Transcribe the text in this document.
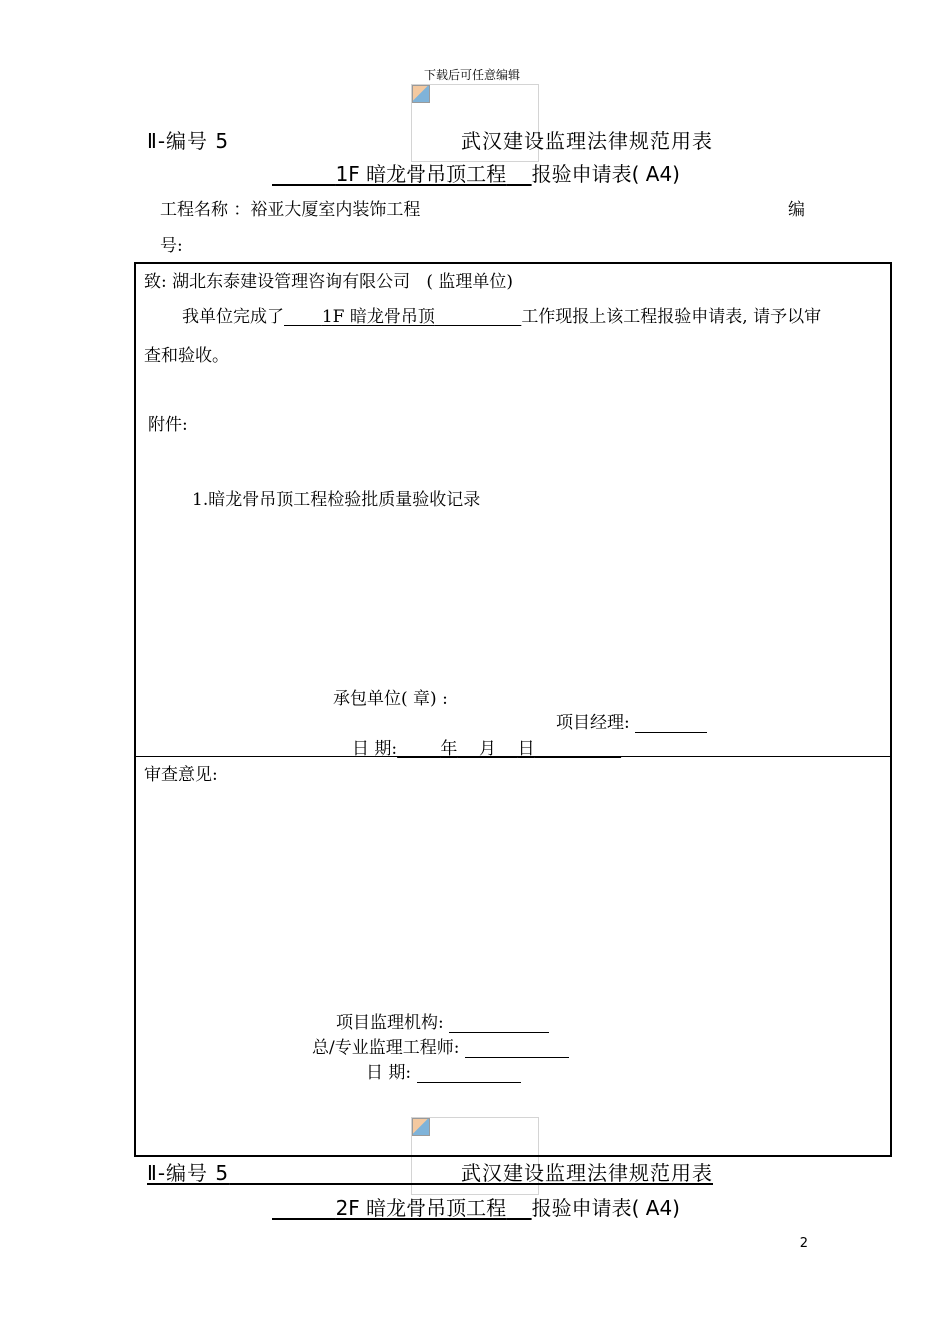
下载后可任意编辑
Ⅱ-编号 5	武汉建设监理法律规范用表
1F 暗龙骨吊顶工程 报验申请表( A4)
工程名称 ：裕亚大厦室内装饰工程	编
号:
致: 湖北东泰建设管理咨询有限公司 ( 监理单位)
我单位完成了 1F 暗龙骨吊顶	工作现报上该工程报验申请表, 请予以审
查和验收。
附件:
1.暗龙骨吊顶工程检验批质量验收记录
承包单位( 章) :
项目经理:
日 期:	年 月 日
审查意见:
项目监理机构:
总/专业监理工程师:
日 期:
Ⅱ-编号 5	武汉建设监理法律规范用表
2F 暗龙骨吊顶工程 报验申请表( A4)
2
